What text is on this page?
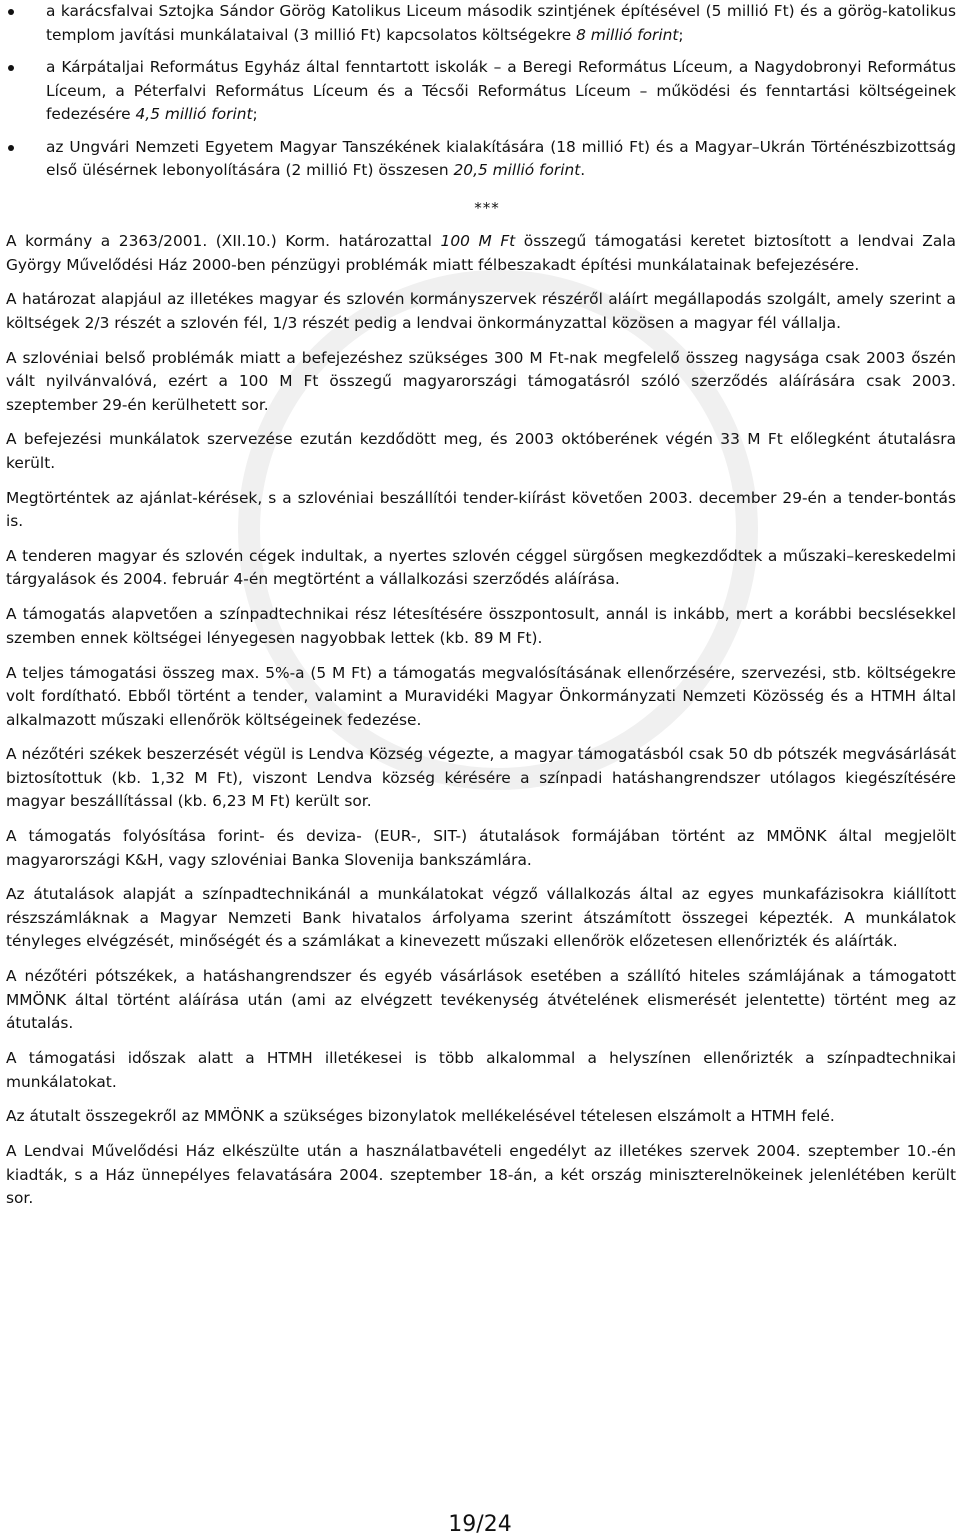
a karácsfalvai Sztojka Sándor Görög Katolikus Liceum második szintjének építésével (5 millió Ft) és a görög-katolikus templom javítási munkálataival (3 millió Ft) kapcsolatos költségekre 8 millió forint;
a Kárpátaljai Református Egyház által fenntartott iskolák – a Beregi Református Líceum, a Nagydobronyi Református Líceum, a Péterfalvi Református Líceum és a Técsői Református Líceum – működési és fenntartási költségeinek fedezésére 4,5 millió forint;
az Ungvári Nemzeti Egyetem Magyar Tanszékének kialakítására (18 millió Ft) és a Magyar–Ukrán Történészbizottság első ülésérnek lebonyolítására (2 millió Ft) összesen 20,5 millió forint.
***

A kormány a 2363/2001. (XII.10.) Korm. határozattal 100 M Ft összegű támogatási keretet biztosított a lendvai Zala György Művelődési Ház 2000-ben pénzügyi problémák miatt félbeszakadt építési munkálatainak befejezésére.

A határozat alapjául az illetékes magyar és szlovén kormányszervek részéről aláírt megállapodás szolgált, amely szerint a költségek 2/3 részét a szlovén fél, 1/3 részét pedig a lendvai önkormányzattal közösen a magyar fél vállalja.

A szlovéniai belső problémák miatt a befejezéshez szükséges 300 M Ft-nak megfelelő összeg nagysága csak 2003 őszén vált nyilvánvalóvá, ezért a 100 M Ft összegű magyarországi támogatásról szóló szerződés aláírására csak 2003. szeptember 29-én kerülhetett sor.

A befejezési munkálatok szervezése ezután kezdődött meg, és 2003 októberének végén 33 M Ft előlegként átutalásra került.

Megtörténtek az ajánlat-kérések, s a szlovéniai beszállítói tender-kiírást követően 2003. december 29-én a tender-bontás is.

A tenderen magyar és szlovén cégek indultak, a nyertes szlovén céggel sürgősen megkezdődtek a műszaki–kereskedelmi tárgyalások és 2004. február 4-én megtörtént a vállalkozási szerződés aláírása.

A támogatás alapvetően a színpadtechnikai rész létesítésére összpontosult, annál is inkább, mert a korábbi becslésekkel szemben ennek költségei lényegesen nagyobbak lettek (kb. 89 M Ft).

A teljes támogatási összeg max. 5%-a (5 M Ft) a támogatás megvalósításának ellenőrzésére, szervezési, stb. költségekre volt fordítható. Ebből történt a tender, valamint a Muravidéki Magyar Önkormányzati Nemzeti Közösség és a HTMH által alkalmazott műszaki ellenőrök költségeinek fedezése.

A nézőtéri székek beszerzését végül is Lendva Község végezte, a magyar támogatásból csak 50 db pótszék megvásárlását biztosítottuk (kb. 1,32 M Ft), viszont Lendva község kérésére a színpadi hatáshangrendszer utólagos kiegészítésére magyar beszállítással (kb. 6,23 M Ft) került sor.

A támogatás folyósítása forint- és deviza- (EUR-, SIT-) átutalások formájában történt az MMÖNK által megjelölt magyarországi K&H, vagy szlovéniai Banka Slovenija bankszámlára.

Az átutalások alapját a színpadtechnikánál a munkálatokat végző vállalkozás által az egyes munkafázisokra kiállított részszámláknak a Magyar Nemzeti Bank hivatalos árfolyama szerint átszámított összegei képezték. A munkálatok tényleges elvégzését, minőségét és a számlákat a kinevezett műszaki ellenőrök előzetesen ellenőrizték és aláírták.

A nézőtéri pótszékek, a hatáshangrendszer és egyéb vásárlások esetében a szállító hiteles számlájának a támogatott MMÖNK által történt aláírása után (ami az elvégzett tevékenység átvételének elismerését jelentette) történt meg az átutalás.

A támogatási időszak alatt a HTMH illetékesei is több alkalommal a helyszínen ellenőrizték a színpadtechnikai munkálatokat.

Az átutalt összegekről az MMÖNK a szükséges bizonylatok mellékelésével tételesen elszámolt a HTMH felé.

A Lendvai Művelődési Ház elkészülte után a használatbavételi engedélyt az illetékes szervek 2004. szeptember 10.-én kiadták, s a Ház ünnepélyes felavatására 2004. szeptember 18-án, a két ország miniszterelnökeinek jelenlétében került sor.

19/24
